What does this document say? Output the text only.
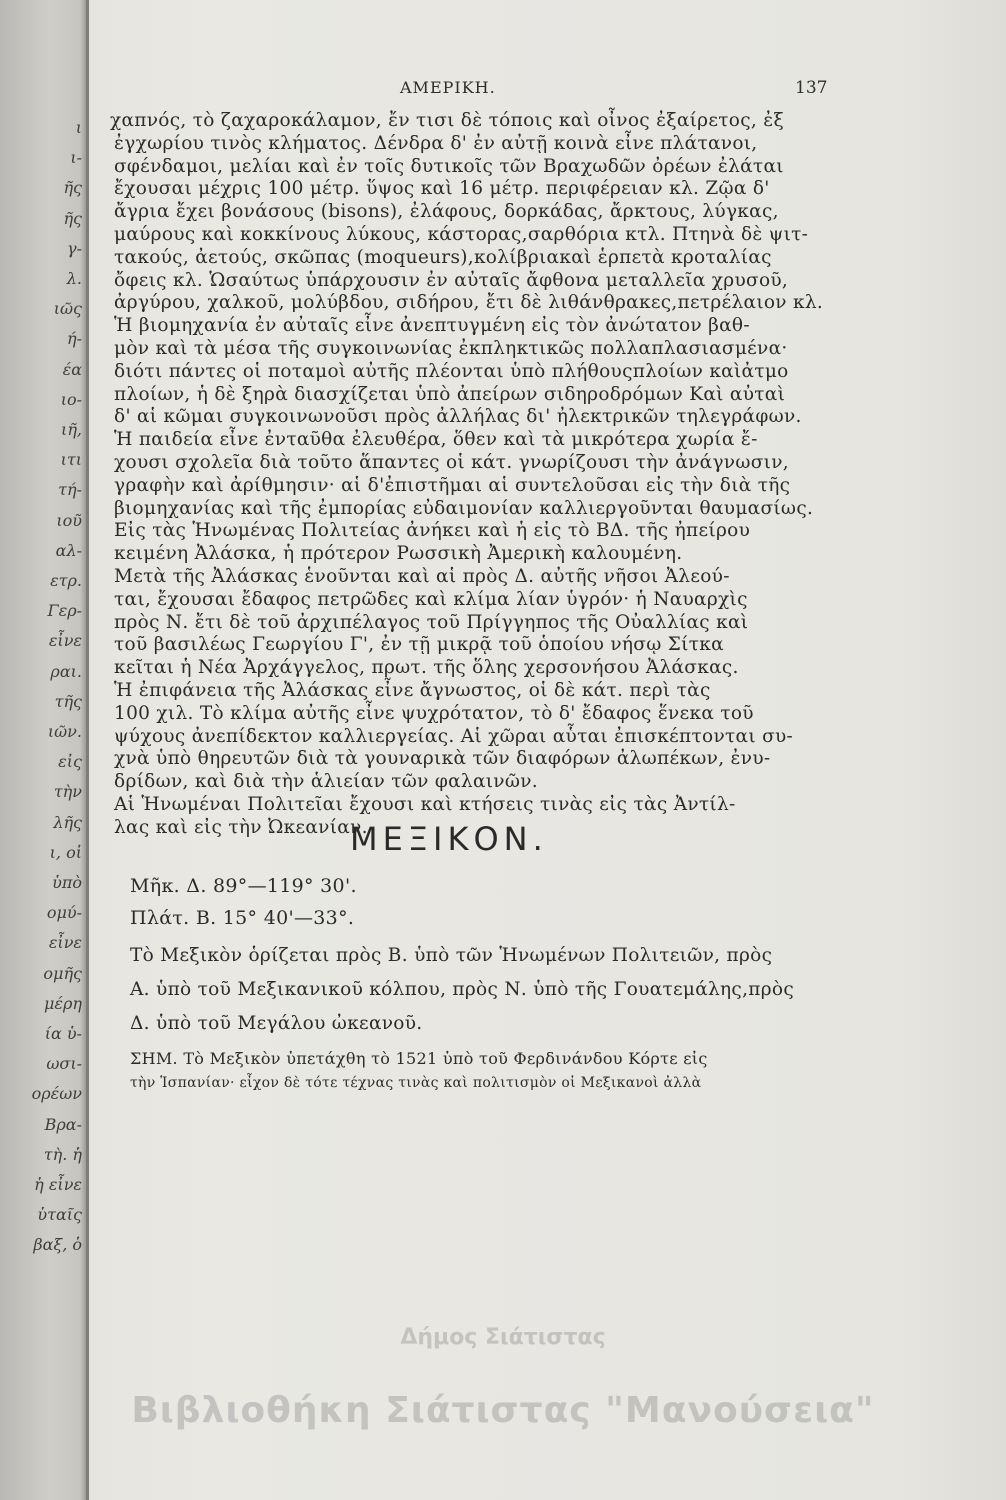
ι
ι-
ῆς
ῆς
γ-
λ.
ιῶς
ή-
έα
ιο-
ιῆ,
ιτι
τή-
ιοῦ
αλ-
ετρ.
Γερ-
εἶνε
ραι.
τῆς
ιῶν.
εἰς
τὴν
λῆς
ι, οἱ
ὑπὸ
ομύ-
εἶνε
ομῆς
μέρη
ία ὑ-
ωσι-
ορέων
Βρα-
τὴ. ἡ
ἡ εἶνε
ὑταῖς
βαξ, ὁ
ΑΜΕΡΙΚΗ.	137
χαπνός, τὸ ζαχαροκάλαμον, ἔν τισι δὲ τόποις καὶ οἶνος ἐξαίρετος, ἐξ
ἐγχωρίου τινὸς κλήματος. Δένδρα δ' ἐν αὐτῇ κοινὰ εἶνε πλάτανοι,
σφένδαμοι, μελίαι καὶ ἐν τοῖς δυτικοῖς τῶν Βραχωδῶν ὀρέων ἐλάται
ἔχουσαι μέχρις 100 μέτρ. ὕψος καὶ 16 μέτρ. περιφέρειαν κλ. Ζῷα δ'
ἄγρια ἔχει βονάσους (bisons), ἐλάφους, δορκάδας, ἄρκτους, λύγκας,
μαύρους καὶ κοκκίνους λύκους, κάστορας,σαρθόρια κτλ. Πτηνὰ δὲ ψιτ-
τακούς, ἀετούς, σκῶπας (moqueurs),κολίβριακαὶ ἑρπετὰ κροταλίας
ὄφεις κλ. Ὡσαύτως ὑπάρχουσιν ἐν αὐταῖς ἄφθονα μεταλλεῖα χρυσοῦ,
ἀργύρου, χαλκοῦ, μολύβδου, σιδήρου, ἔτι δὲ λιθάνθρακες,πετρέλαιον κλ.
Ἡ βιομηχανία ἐν αὐταῖς εἶνε ἀνεπτυγμένη εἰς τὸν ἀνώτατον βαθ-
μὸν καὶ τὰ μέσα τῆς συγκοινωνίας ἐκπληκτικῶς πολλαπλασιασμένα·
διότι πάντες οἱ ποταμοὶ αὐτῆς πλέονται ὑπὸ πλήθουςπλοίων καὶἀτμο
πλοίων, ἡ δὲ ξηρὰ διασχίζεται ὑπὸ ἀπείρων σιδηροδρόμων Καὶ αὐταὶ
δ' αἱ κῶμαι συγκοινωνοῦσι πρὸς ἀλλήλας δι' ἠλεκτρικῶν τηλεγράφων.
Ἡ παιδεία εἶνε ἐνταῦθα ἐλευθέρα, ὅθεν καὶ τὰ μικρότερα χωρία ἔ-
χουσι σχολεῖα διὰ τοῦτο ἅπαντες οἱ κάτ. γνωρίζουσι τὴν ἀνάγνωσιν,
γραφὴν καὶ ἀρίθμησιν· αἱ δ'ἐπιστῆμαι αἱ συντελοῦσαι εἰς τὴν διὰ τῆς
βιομηχανίας καὶ τῆς ἐμπορίας εὐδαιμονίαν καλλιεργοῦνται θαυμασίως.
Εἰς τὰς Ἡνωμένας Πολιτείας ἀνήκει καὶ ἡ εἰς τὸ ΒΔ. τῆς ἠπείρου
κειμένη Ἀλάσκα, ἡ πρότερον Ρωσσικὴ Ἀμερικὴ καλουμένη.
Μετὰ τῆς Ἀλάσκας ἑνοῦνται καὶ αἱ πρὸς Δ. αὐτῆς νῆσοι Ἀλεού-
ται, ἔχουσαι ἔδαφος πετρῶδες καὶ κλίμα λίαν ὑγρόν· ἡ Ναυαρχὶς
πρὸς Ν. ἔτι δὲ τοῦ ἀρχιπέλαγος τοῦ Πρίγγηπος τῆς Οὐαλλίας καὶ
τοῦ βασιλέως Γεωργίου Γ', ἐν τῇ μικρᾷ τοῦ ὁποίου νήσῳ Σίτκα
κεῖται ἡ Νέα Ἀρχάγγελος, πρωτ. τῆς ὅλης χερσονήσου Ἀλάσκας.
Ἡ ἐπιφάνεια τῆς Ἀλάσκας εἶνε ἄγνωστος, οἱ δὲ κάτ. περὶ τὰς
100 χιλ. Τὸ κλίμα αὐτῆς εἶνε ψυχρότατον, τὸ δ' ἔδαφος ἕνεκα τοῦ
ψύχους ἀνεπίδεκτον καλλιεργείας. Αἱ χῶραι αὗται ἐπισκέπτονται συ-
χνὰ ὑπὸ θηρευτῶν διὰ τὰ γουναρικὰ τῶν διαφόρων ἀλωπέκων, ἐνυ-
δρίδων, καὶ διὰ τὴν ἁλιείαν τῶν φαλαινῶν.
Αἱ Ἡνωμέναι Πολιτεῖαι ἔχουσι καὶ κτήσεις τινὰς εἰς τὰς Ἀντίλ-
λας καὶ εἰς τὴν Ὠκεανίαν.
ΜΕΞΙΚΟΝ.
Μῆκ. Δ. 89°—119° 30'.
Πλάτ. Β. 15° 40'—33°.
Τὸ Μεξικὸν ὁρίζεται πρὸς Β. ὑπὸ τῶν Ἡνωμένων Πολιτειῶν, πρὸς
Α. ὑπὸ τοῦ Μεξικανικοῦ κόλπου, πρὸς Ν. ὑπὸ τῆς Γουατεμάλης,πρὸς
Δ. ὑπὸ τοῦ Μεγάλου ὠκεανοῦ.
ΣΗΜ. Τὸ Μεξικὸν ὑπετάχθη τὸ 1521 ὑπὸ τοῦ Φερδινάνδου Κόρτε εἰς
τὴν Ἱσπανίαν· εἶχον δὲ τότε τέχνας τινὰς καὶ πολιτισμὸν οἱ Μεξικανοὶ ἀλλὰ
Δήμος Σιάτιστας
Βιβλιοθήκη Σιάτιστας "Μανούσεια"
